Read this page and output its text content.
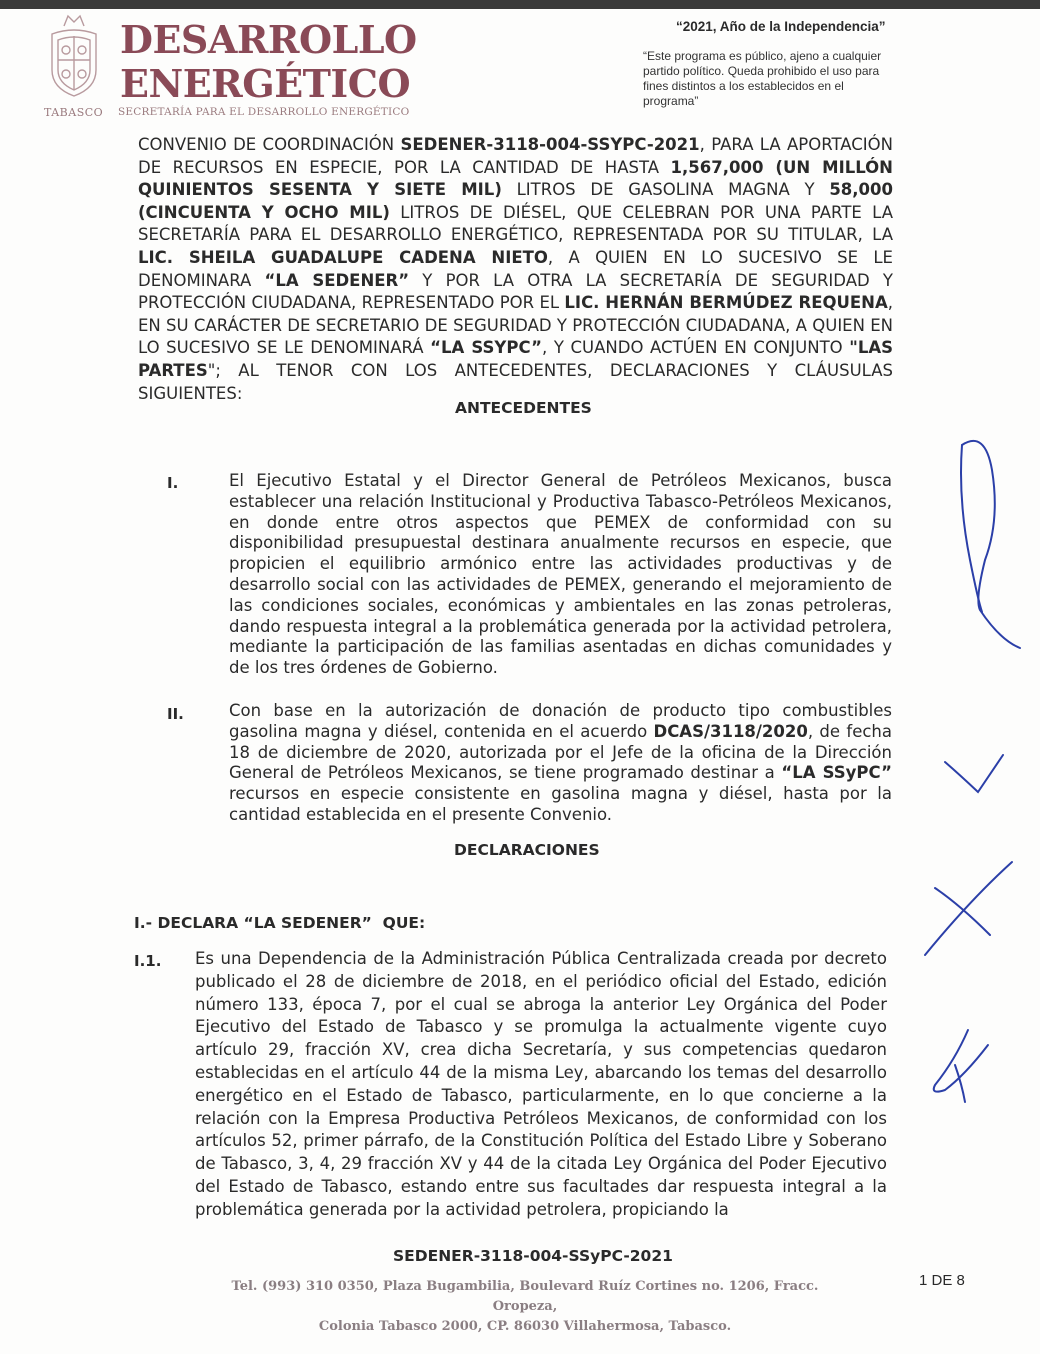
TABASCO
DESARROLLO
ENERGÉTICO
SECRETARÍA PARA EL DESARROLLO ENERGÉTICO
“2021, Año de la Independencia”
“Este programa es público, ajeno a cualquier partido político. Queda prohibido el uso para fines distintos a los establecidos en el programa”
CONVENIO DE COORDINACIÓN SEDENER-3118-004-SSYPC-2021, PARA LA APORTACIÓN DE RECURSOS EN ESPECIE, POR LA CANTIDAD DE HASTA 1,567,000 (UN MILLÓN QUINIENTOS SESENTA Y SIETE MIL) LITROS DE GASOLINA MAGNA Y 58,000 (CINCUENTA Y OCHO MIL) LITROS DE DIÉSEL, QUE CELEBRAN POR UNA PARTE LA SECRETARÍA PARA EL DESARROLLO ENERGÉTICO, REPRESENTADA POR SU TITULAR, LA LIC. SHEILA GUADALUPE CADENA NIETO, A QUIEN EN LO SUCESIVO SE LE DENOMINARA “LA SEDENER” Y POR LA OTRA LA SECRETARÍA DE SEGURIDAD Y PROTECCIÓN CIUDADANA, REPRESENTADO POR EL LIC. HERNÁN BERMÚDEZ REQUENA, EN SU CARÁCTER DE SECRETARIO DE SEGURIDAD Y PROTECCIÓN CIUDADANA, A QUIEN EN LO SUCESIVO SE LE DENOMINARÁ “LA SSYPC”, Y CUANDO ACTÚEN EN CONJUNTO "LAS PARTES"; AL TENOR CON LOS ANTECEDENTES, DECLARACIONES Y CLÁUSULAS SIGUIENTES:
ANTECEDENTES
I.	El Ejecutivo Estatal y el Director General de Petróleos Mexicanos, busca establecer una relación Institucional y Productiva Tabasco-Petróleos Mexicanos, en donde entre otros aspectos que PEMEX de conformidad con su disponibilidad presupuestal destinara anualmente recursos en especie, que propicien el equilibrio armónico entre las actividades productivas y de desarrollo social con las actividades de PEMEX, generando el mejoramiento de las condiciones sociales, económicas y ambientales en las zonas petroleras, dando respuesta integral a la problemática generada por la actividad petrolera, mediante la participación de las familias asentadas en dichas comunidades y de los tres órdenes de Gobierno.
II.	Con base en la autorización de donación de producto tipo combustibles gasolina magna y diésel, contenida en el acuerdo DCAS/3118/2020, de fecha 18 de diciembre de 2020, autorizada por el Jefe de la oficina de la Dirección General de Petróleos Mexicanos, se tiene programado destinar a “LA SSyPC” recursos en especie consistente en gasolina magna y diésel, hasta por la cantidad establecida en el presente Convenio.
DECLARACIONES
I.- DECLARA “LA SEDENER”  QUE:
I.1. Es una Dependencia de la Administración Pública Centralizada creada por decreto publicado el 28 de diciembre de 2018, en el periódico oficial del Estado, edición número 133, época 7, por el cual se abroga la anterior Ley Orgánica del Poder Ejecutivo del Estado de Tabasco y se promulga la actualmente vigente cuyo artículo 29, fracción XV, crea dicha Secretaría, y sus competencias quedaron establecidas en el artículo 44 de la misma Ley, abarcando los temas del desarrollo energético en el Estado de Tabasco, particularmente, en lo que concierne a la relación con la Empresa Productiva Petróleos Mexicanos, de conformidad con los artículos 52, primer párrafo, de la Constitución Política del Estado Libre y Soberano de Tabasco, 3, 4, 29 fracción XV y 44 de la citada Ley Orgánica del Poder Ejecutivo del Estado de Tabasco, estando entre sus facultades dar respuesta integral a la problemática generada por la actividad petrolera, propiciando la
SEDENER-3118-004-SSyPC-2021
Tel. (993) 310 0350, Plaza Bugambilia, Boulevard Ruíz Cortines no. 1206, Fracc. Oropeza,
Colonia Tabasco 2000, CP. 86030 Villahermosa, Tabasco.
1 DE 8
